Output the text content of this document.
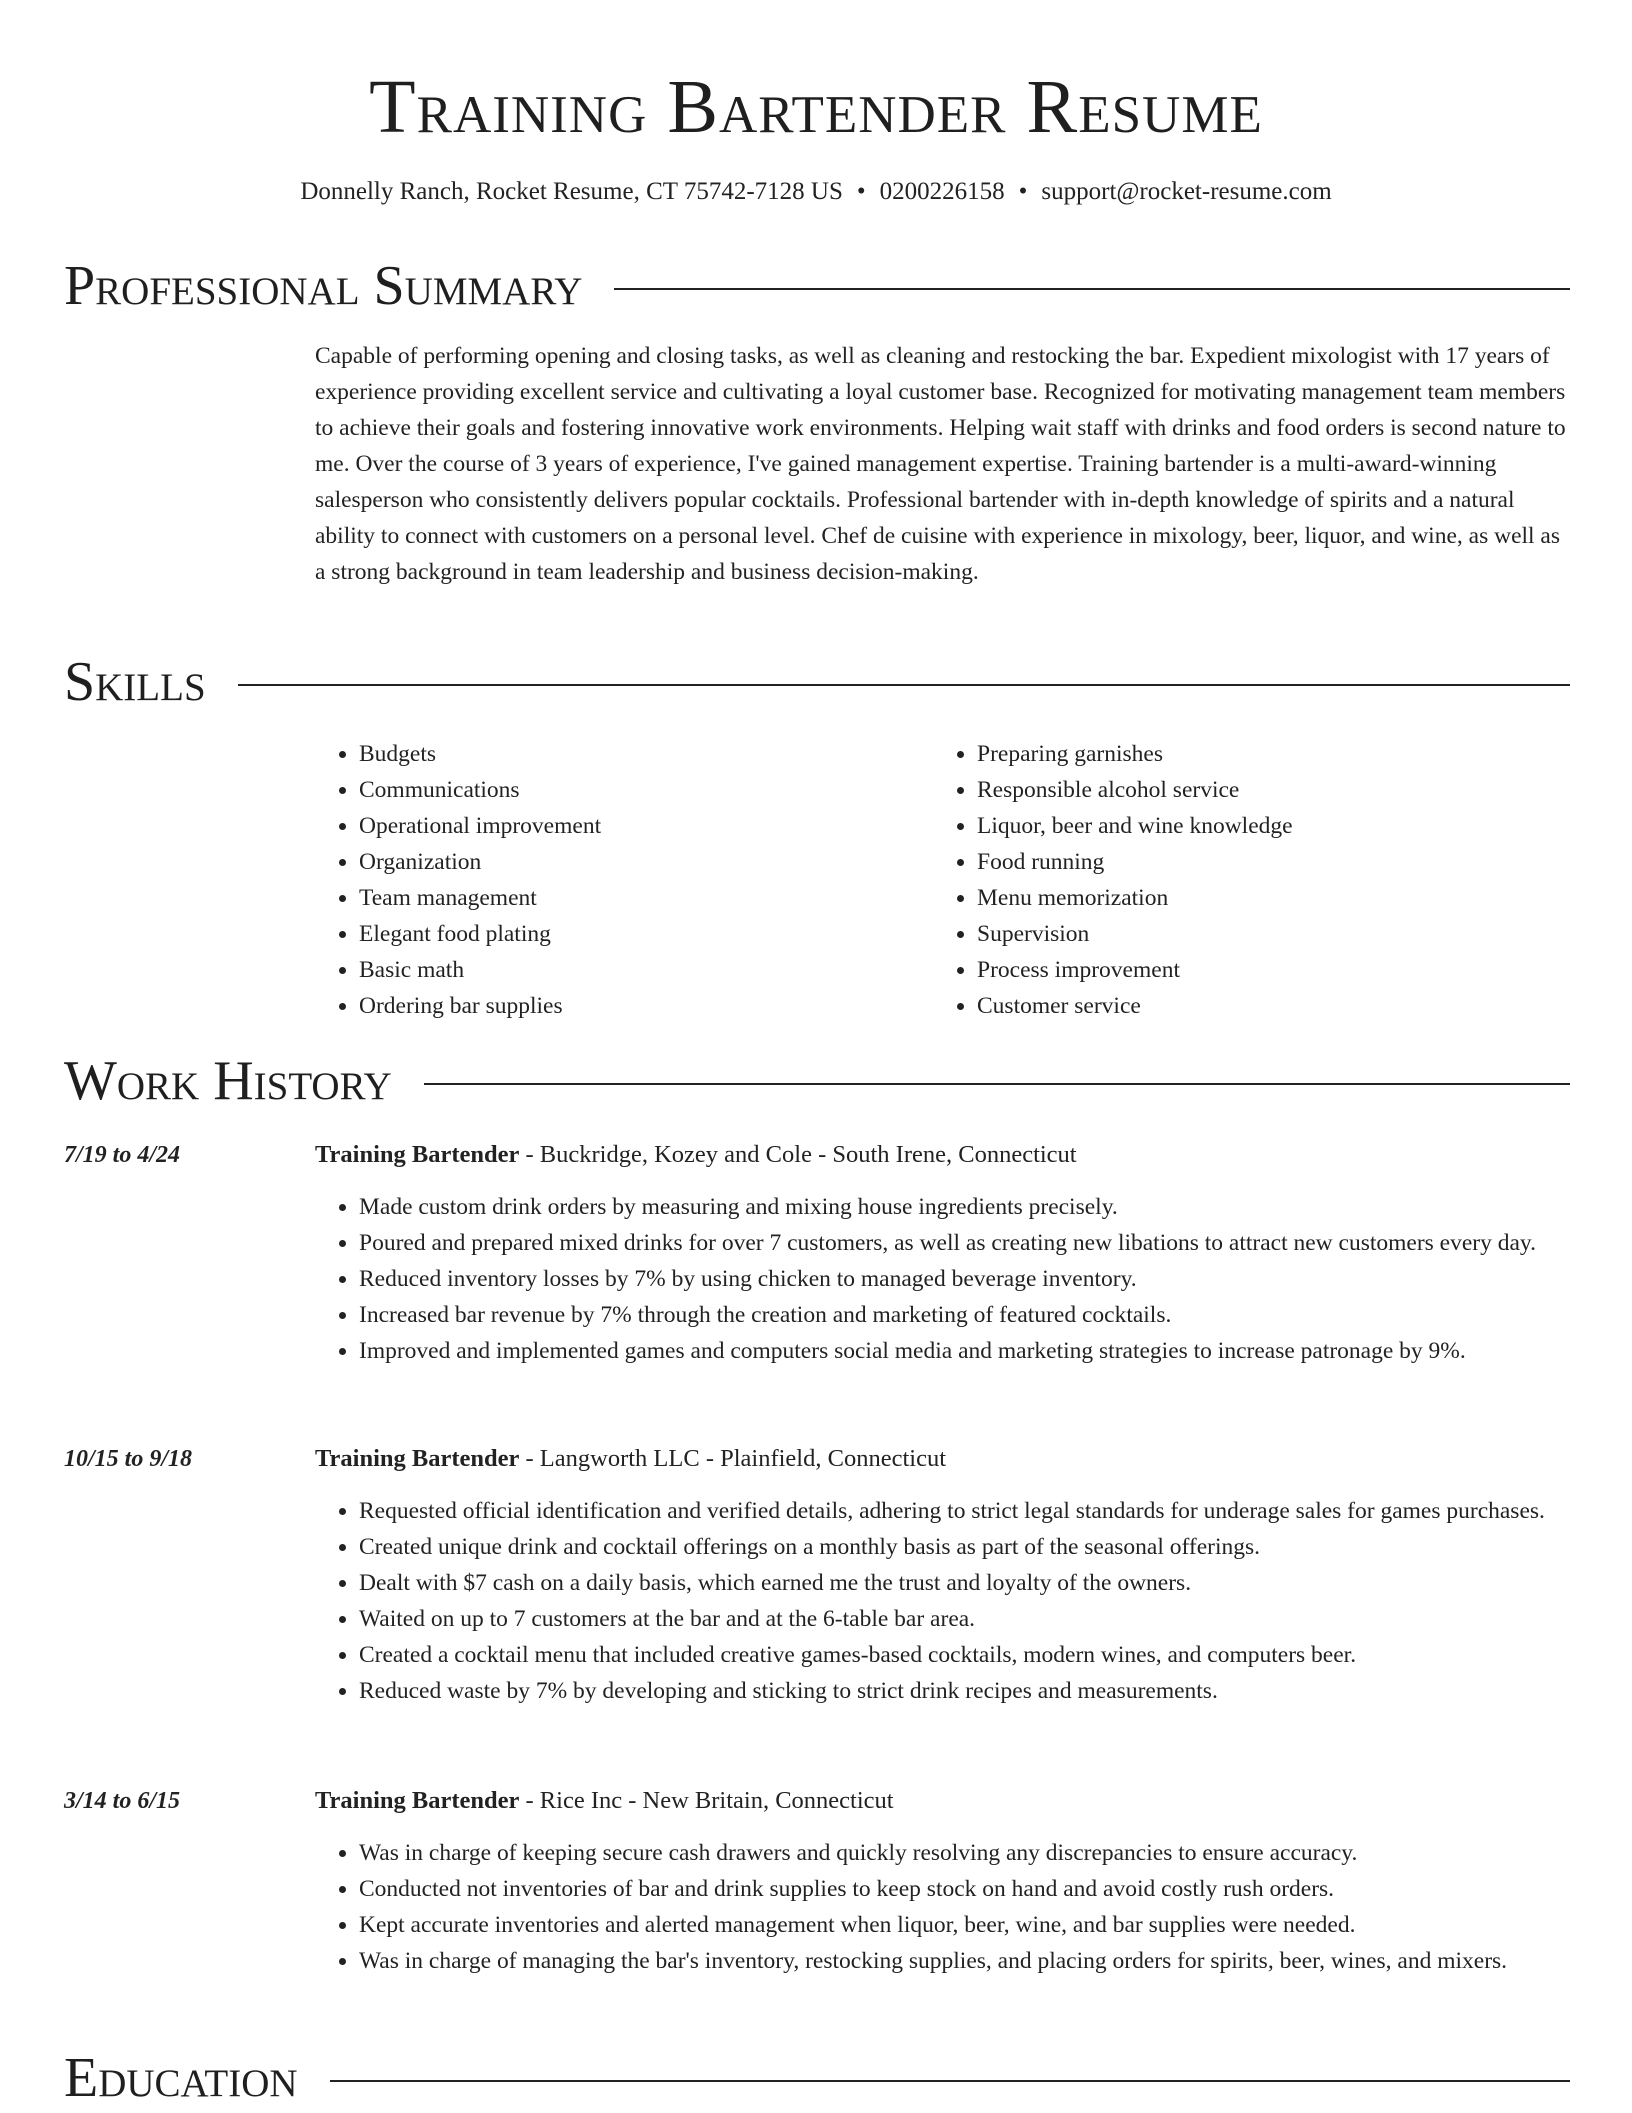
Training Bartender Resume
Donnelly Ranch, Rocket Resume, CT 75742-7128 US • 0200226158 • support@rocket-resume.com
Professional Summary

Capable of performing opening and closing tasks, as well as cleaning and restocking the bar. Expedient mixologist with 17 years of experience providing excellent service and cultivating a loyal customer base. Recognized for motivating management team members to achieve their goals and fostering innovative work environments. Helping wait staff with drinks and food orders is second nature to me. Over the course of 3 years of experience, I've gained management expertise. Training bartender is a multi-award-winning salesperson who consistently delivers popular cocktails. Professional bartender with in-depth knowledge of spirits and a natural ability to connect with customers on a personal level. Chef de cuisine with experience in mixology, beer, liquor, and wine, as well as a strong background in team leadership and business decision-making.

Skills
• Budgets
• Communications
• Operational improvement
• Organization
• Team management
• Elegant food plating
• Basic math
• Ordering bar supplies
• Preparing garnishes
• Responsible alcohol service
• Liquor, beer and wine knowledge
• Food running
• Menu memorization
• Supervision
• Process improvement
• Customer service
Work History
7/19 to 4/24	Training Bartender - Buckridge, Kozey and Cole - South Irene, Connecticut
• Made custom drink orders by measuring and mixing house ingredients precisely.
• Poured and prepared mixed drinks for over 7 customers, as well as creating new libations to attract new customers every day.
• Reduced inventory losses by 7% by using chicken to managed beverage inventory.
• Increased bar revenue by 7% through the creation and marketing of featured cocktails.
• Improved and implemented games and computers social media and marketing strategies to increase patronage by 9%.
10/15 to 9/18	Training Bartender - Langworth LLC - Plainfield, Connecticut
• Requested official identification and verified details, adhering to strict legal standards for underage sales for games purchases.
• Created unique drink and cocktail offerings on a monthly basis as part of the seasonal offerings.
• Dealt with $7 cash on a daily basis, which earned me the trust and loyalty of the owners.
• Waited on up to 7 customers at the bar and at the 6-table bar area.
• Created a cocktail menu that included creative games-based cocktails, modern wines, and computers beer.
• Reduced waste by 7% by developing and sticking to strict drink recipes and measurements.
3/14 to 6/15	Training Bartender - Rice Inc - New Britain, Connecticut
• Was in charge of keeping secure cash drawers and quickly resolving any discrepancies to ensure accuracy.
• Conducted not inventories of bar and drink supplies to keep stock on hand and avoid costly rush orders.
• Kept accurate inventories and alerted management when liquor, beer, wine, and bar supplies were needed.
• Was in charge of managing the bar's inventory, restocking supplies, and placing orders for spirits, beer, wines, and mixers.
Education
